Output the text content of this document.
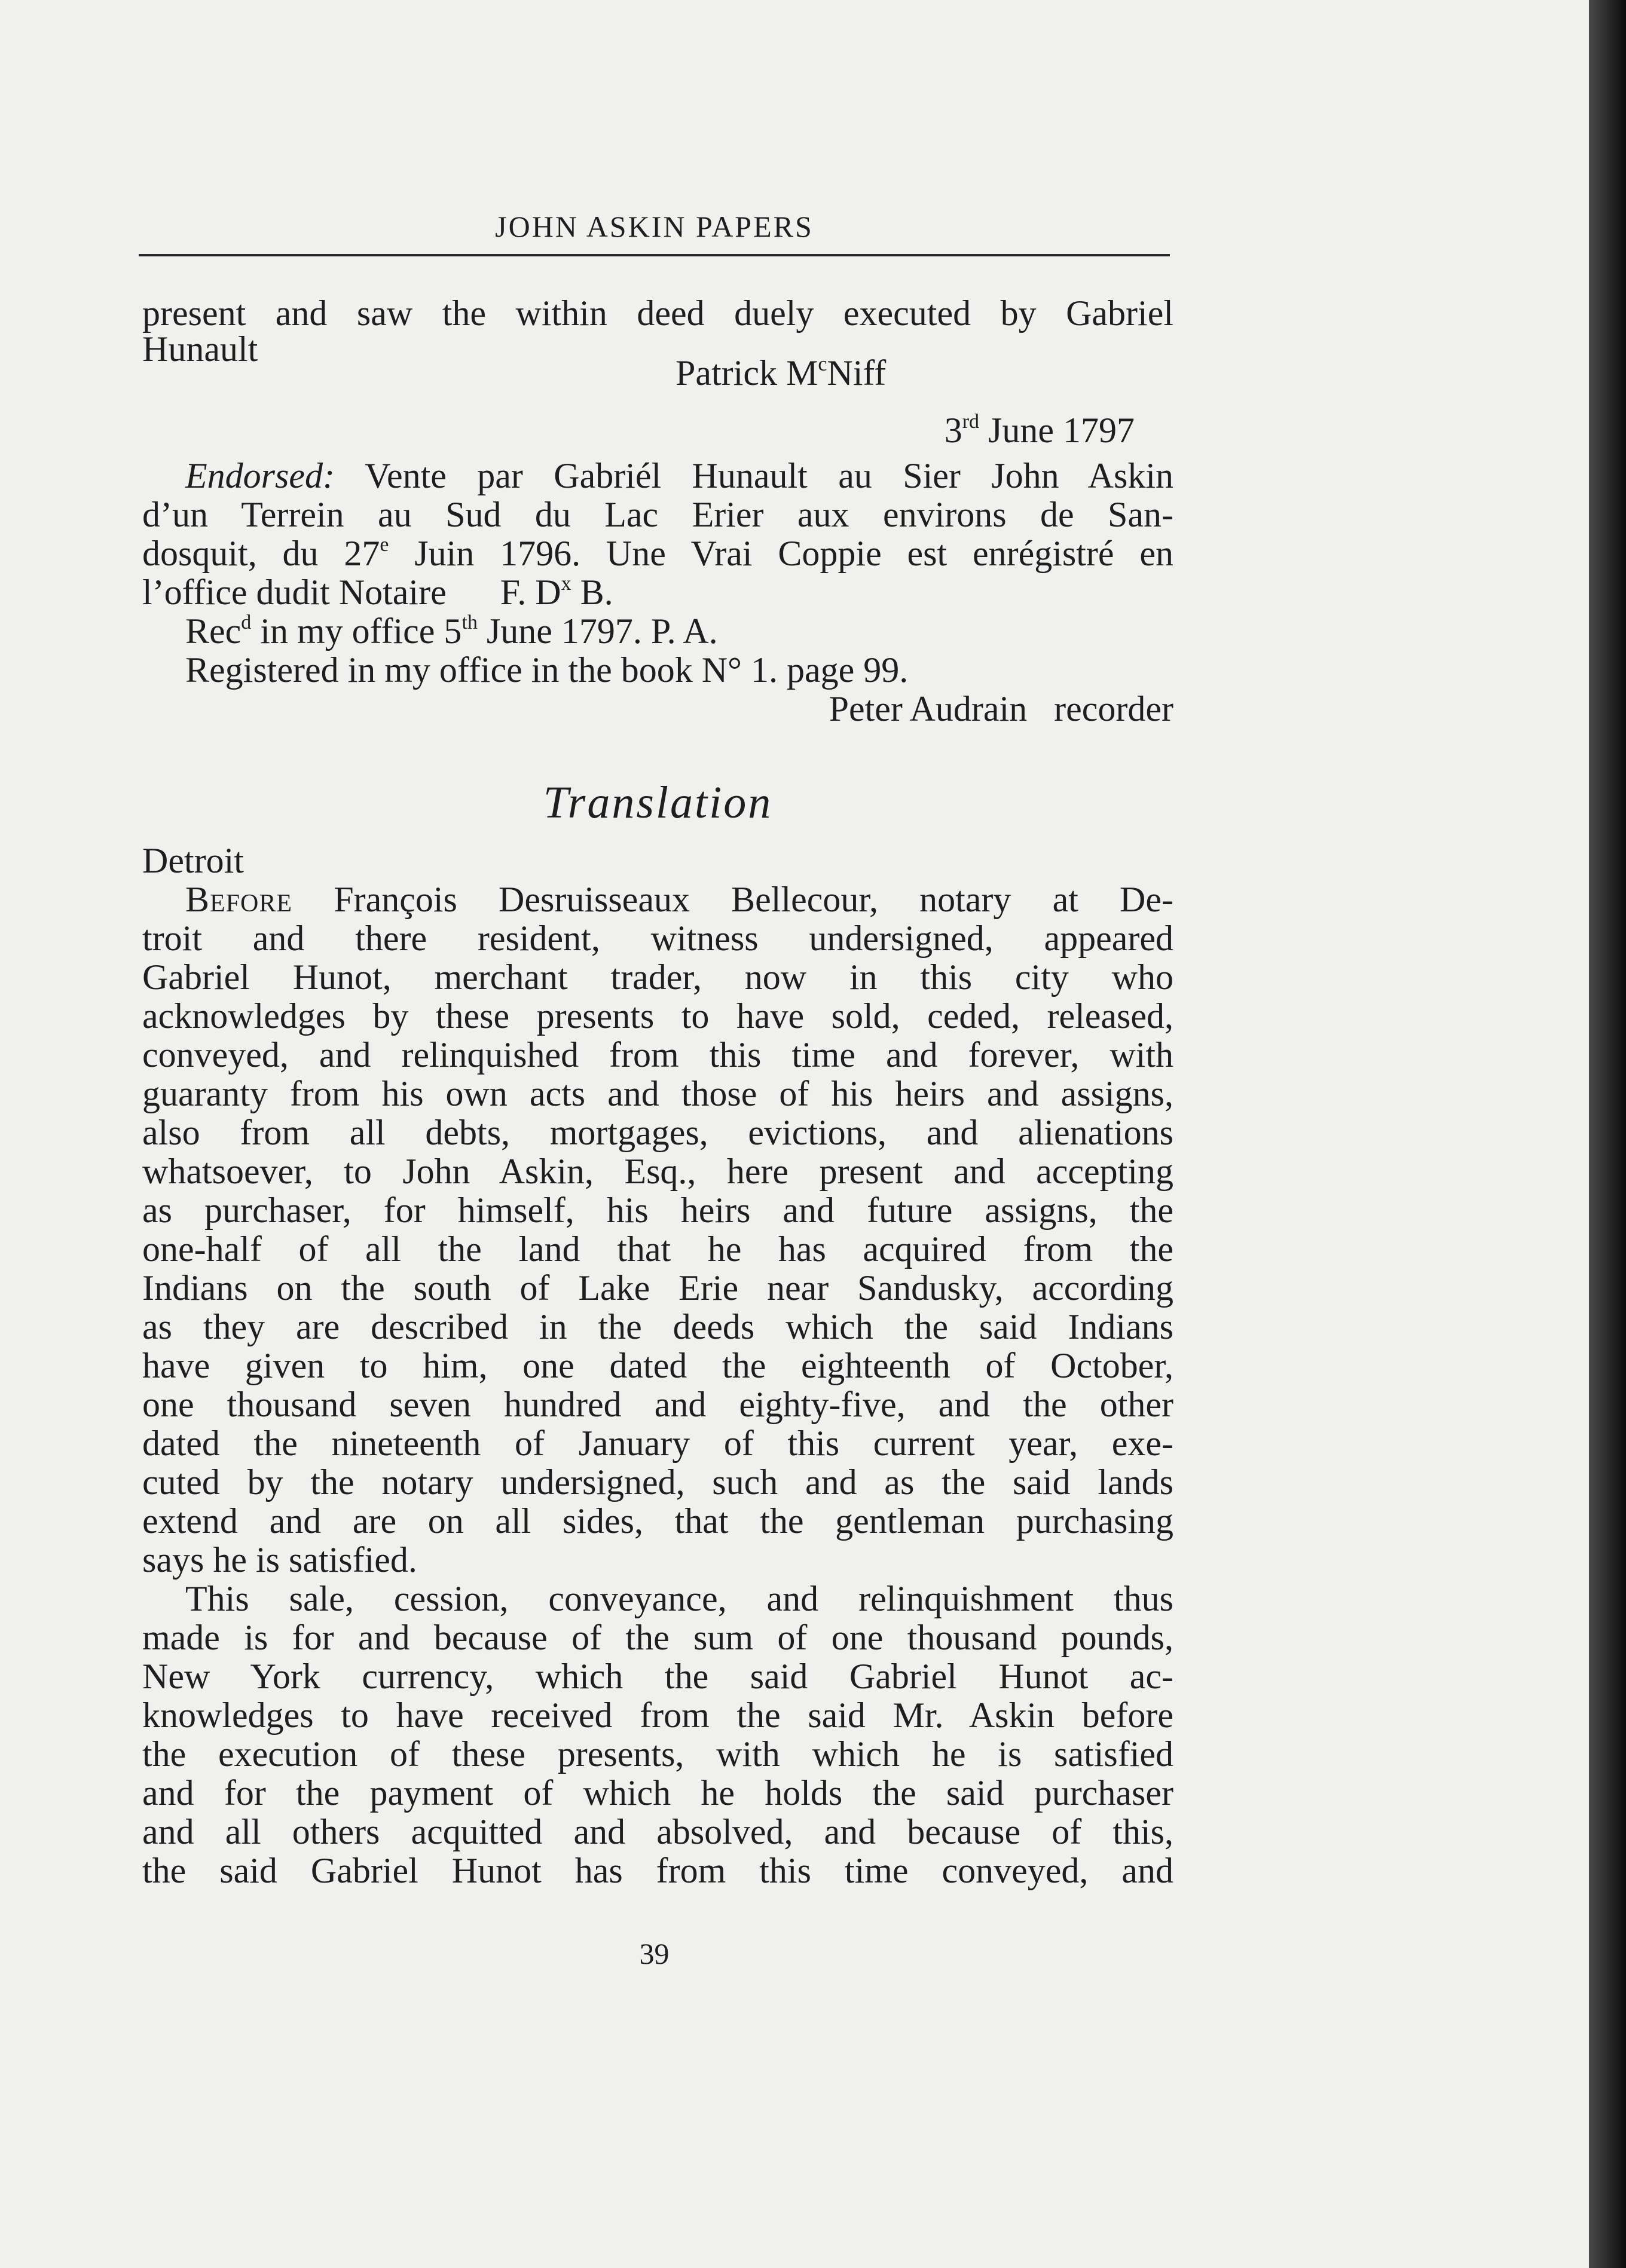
JOHN ASKIN PAPERS
present and saw the within deed duely executed by Gabriel
Hunault
Patrick $M^cNiff$
3rd June 1797
Endorsed: Vente par Gabriél Hunault au Sier John Askin
d’un Terrein au Sud du Lac Erier aux environs de San-
dosquit, du 27e Juin 1796. Une Vrai Coppie est enrégistré en
l’office dudit Notaire      F. $D^x$ B.
Rec$^d$ in my office 5th June 1797. P. A.
Registered in my office in the book N° 1. page 99.
Peter Audrain   recorder
Translation
Detroit
Before François Desruisseaux Bellecour, notary at De-
troit and there resident, witness undersigned, appeared
Gabriel Hunot, merchant trader, now in this city who
acknowledges by these presents to have sold, ceded, released,
conveyed, and relinquished from this time and forever, with
guaranty from his own acts and those of his heirs and assigns,
also from all debts, mortgages, evictions, and alienations
whatsoever, to John Askin, Esq., here present and accepting
as purchaser, for himself, his heirs and future assigns, the
one-half of all the land that he has acquired from the
Indians on the south of Lake Erie near Sandusky, according
as they are described in the deeds which the said Indians
have given to him, one dated the eighteenth of October,
one thousand seven hundred and eighty-five, and the other
dated the nineteenth of January of this current year, exe-
cuted by the notary undersigned, such and as the said lands
extend and are on all sides, that the gentleman purchasing
says he is satisfied.
This sale, cession, conveyance, and relinquishment thus
made is for and because of the sum of one thousand pounds,
New York currency, which the said Gabriel Hunot ac-
knowledges to have received from the said Mr. Askin before
the execution of these presents, with which he is satisfied
and for the payment of which he holds the said purchaser
and all others acquitted and absolved, and because of this,
the said Gabriel Hunot has from this time conveyed, and
39
